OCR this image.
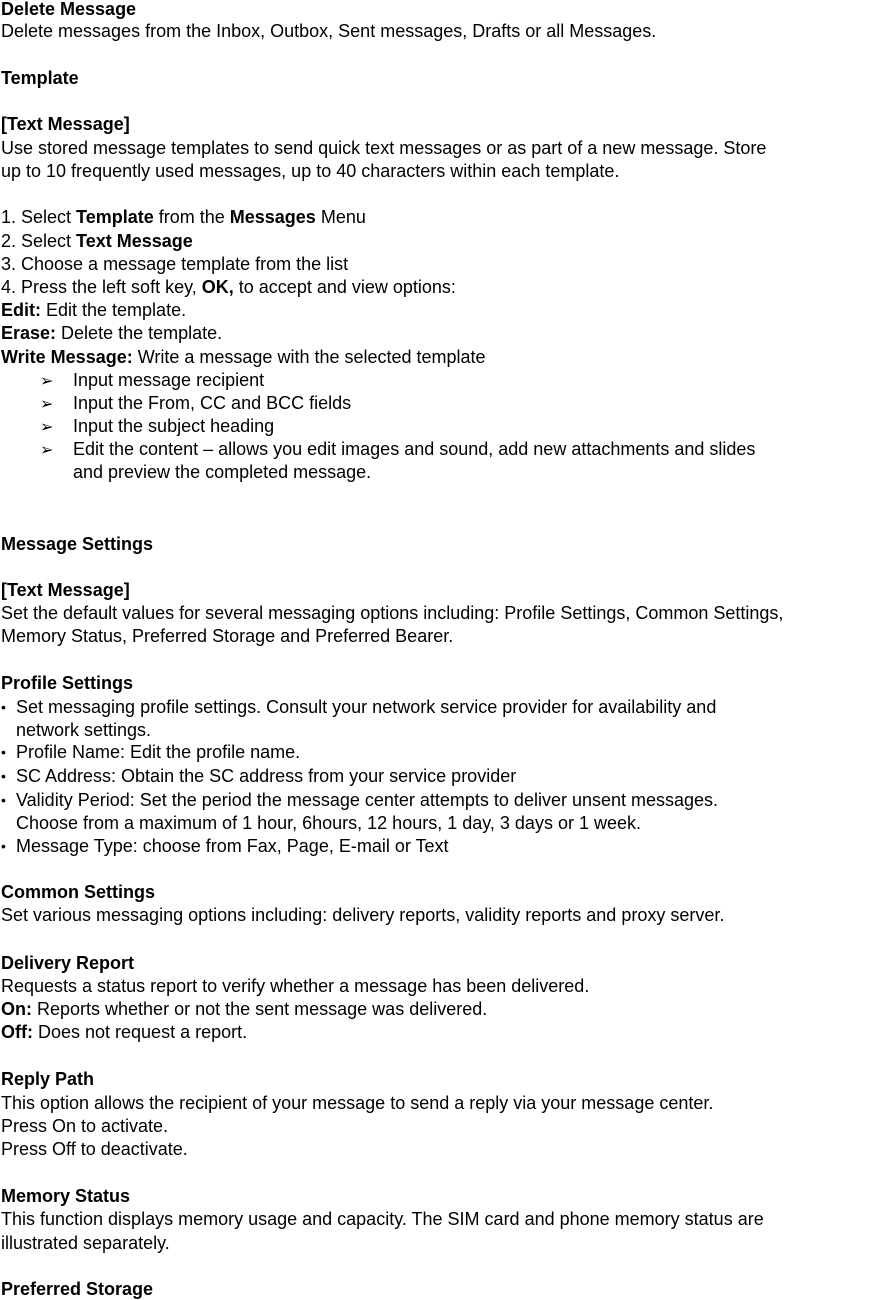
Delete Message

Delete messages from the Inbox, Outbox, Sent messages, Drafts or all Messages.

Template

[Text Message]

Use stored message templates to send quick text messages or as part of a new message. Store

up to 10 frequently used messages, up to 40 characters within each template.

1. Select Template from the Messages Menu

2. Select Text Message

3. Choose a message template from the list

4. Press the left soft key, OK, to accept and view options:

Edit: Edit the template.

Erase: Delete the template.

Write Message: Write a message with the selected template

➢ Input message recipient

➢ Input the From, CC and BCC fields

➢ Input the subject heading

➢ Edit the content – allows you edit images and sound, add new attachments and slides

and preview the completed message.

Message Settings

[Text Message]

Set the default values for several messaging options including: Profile Settings, Common Settings,

Memory Status, Preferred Storage and Preferred Bearer.

Profile Settings

• Set messaging profile settings. Consult your network service provider for availability and

network settings.

• Profile Name: Edit the profile name.

• SC Address: Obtain the SC address from your service provider

• Validity Period: Set the period the message center attempts to deliver unsent messages.

Choose from a maximum of 1 hour, 6hours, 12 hours, 1 day, 3 days or 1 week.

• Message Type: choose from Fax, Page, E-mail or Text

Common Settings

Set various messaging options including: delivery reports, validity reports and proxy server.

Delivery Report

Requests a status report to verify whether a message has been delivered.

On: Reports whether or not the sent message was delivered.

Off: Does not request a report.

Reply Path

This option allows the recipient of your message to send a reply via your message center.

Press On to activate.

Press Off to deactivate.

Memory Status

This function displays memory usage and capacity. The SIM card and phone memory status are

illustrated separately.

Preferred Storage
